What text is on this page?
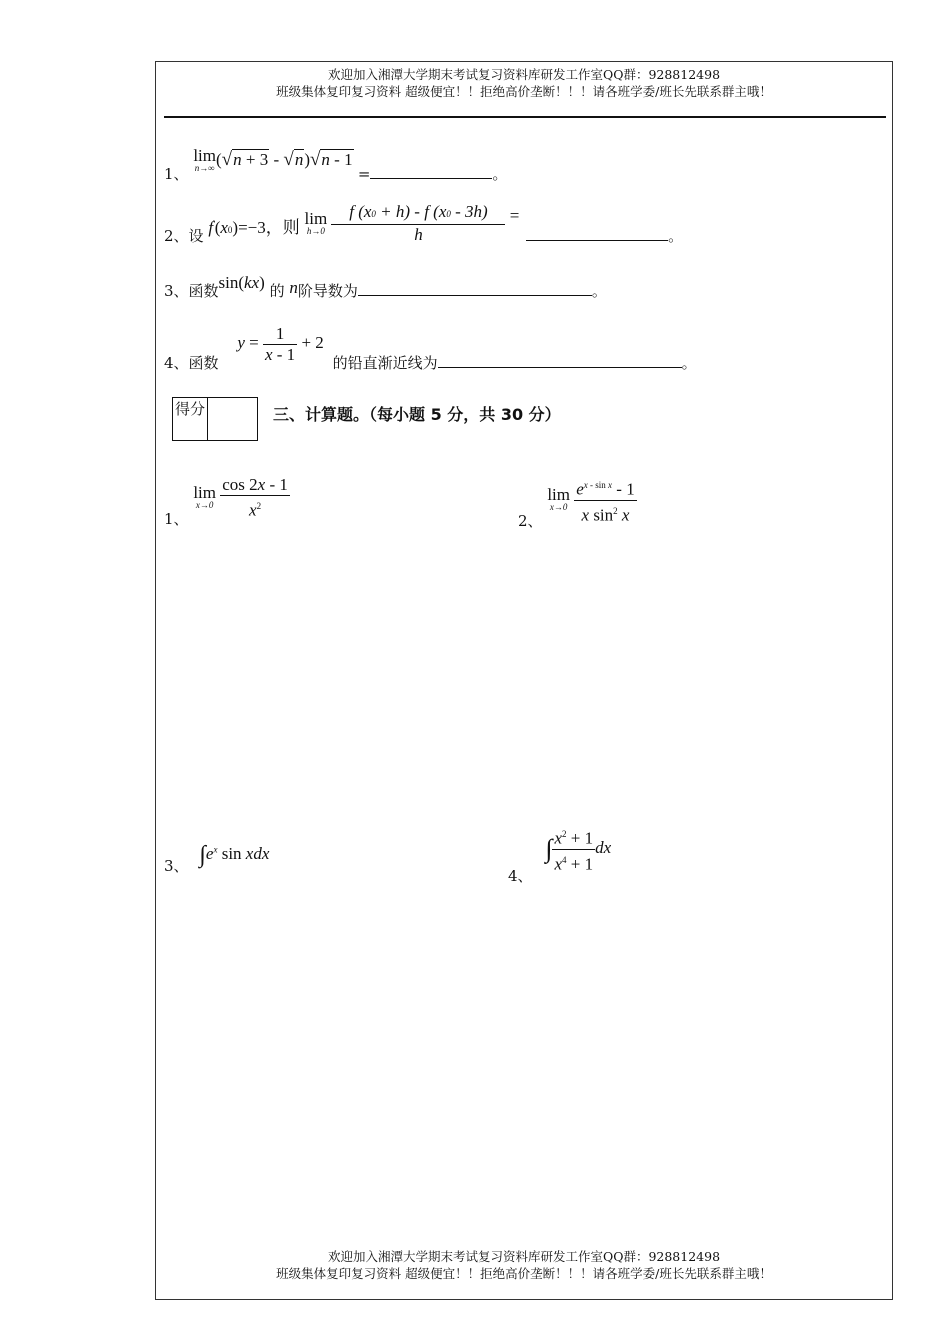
欢迎加入湘潭大学期末考试复习资料库研发工作室QQ群：928812498
班级集体复印复习资料 超级便宜！！拒绝高价垄断！！！请各班学委/班长先联系群主哦！
1、 lim
n→∞ (√n + 3 - √n)√n - 1 =	。
2、设 f'(x0)=−3，则 lim
h→0
$\frac{f (x0 + h) - f (x0 - 3h)}{h}$ = 。
3、函数sin(kx) 的 n阶导数为	。
4、函数 $y = \frac{1}{x - 1} + 2$ 的铅直渐近线为	。
得分	三、计算题。（每小题 5 分，共 30 分）
1、 lim
x→0
$\frac{\cos 2x - 1}{x^2}$
2、 lim
x→0
$\frac{e^{x - sin x} - 1}{x \sin^2 x}$
3、 $\int e^x$ sin xdx
4、 ∫ $\frac{x^2 + 1}{x^4 + 1}$ dx
欢迎加入湘潭大学期末考试复习资料库研发工作室QQ群：928812498
班级集体复印复习资料 超级便宜！！拒绝高价垄断！！！请各班学委/班长先联系群主哦！
